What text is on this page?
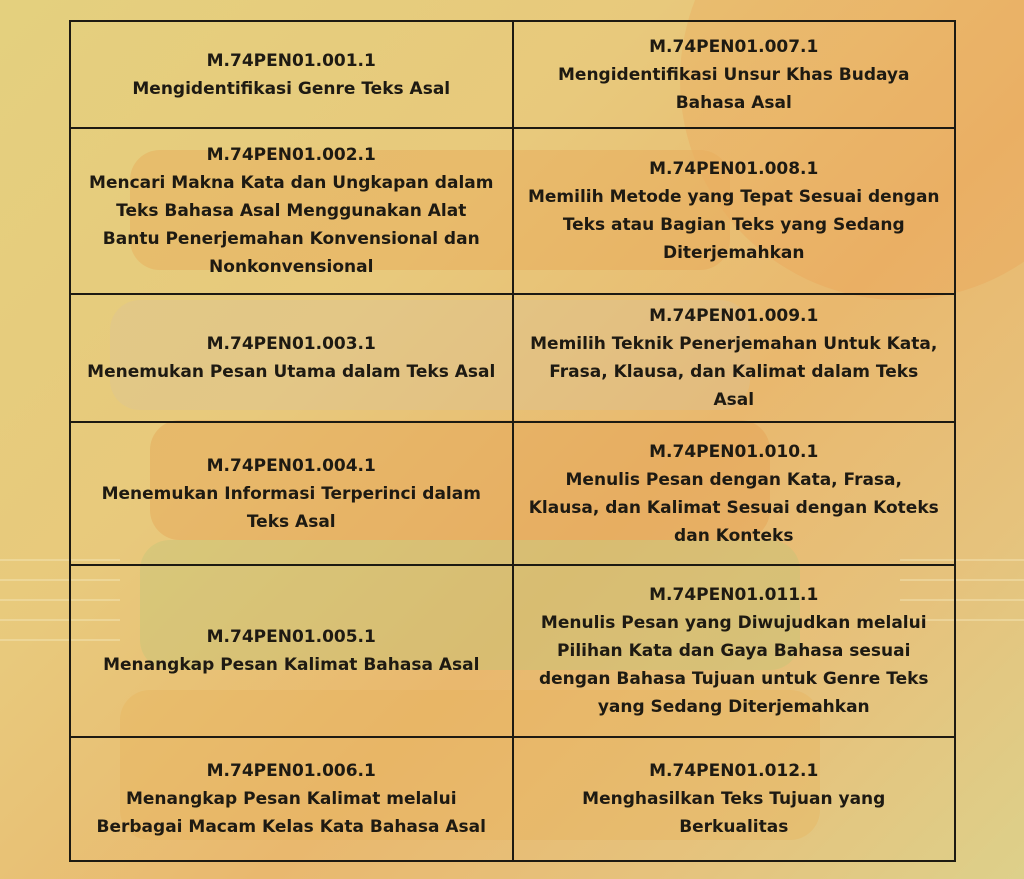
M.74PEN01.001.1
Mengidentifikasi Genre Teks Asal	M.74PEN01.007.1
Mengidentifikasi Unsur Khas Budaya Bahasa Asal

M.74PEN01.002.1
Mencari Makna Kata dan Ungkapan dalam Teks Bahasa Asal Menggunakan Alat Bantu Penerjemahan Konvensional dan Nonkonvensional	M.74PEN01.008.1
Memilih Metode yang Tepat Sesuai dengan Teks atau Bagian Teks yang Sedang Diterjemahkan

M.74PEN01.003.1
Menemukan Pesan Utama dalam Teks Asal	M.74PEN01.009.1
Memilih Teknik Penerjemahan Untuk Kata, Frasa, Klausa, dan Kalimat dalam Teks Asal

M.74PEN01.004.1
Menemukan Informasi Terperinci dalam Teks Asal	M.74PEN01.010.1
Menulis Pesan dengan Kata, Frasa, Klausa, dan Kalimat Sesuai dengan Koteks dan Konteks

M.74PEN01.005.1
Menangkap Pesan Kalimat Bahasa Asal	M.74PEN01.011.1
Menulis Pesan yang Diwujudkan melalui Pilihan Kata dan Gaya Bahasa sesuai dengan Bahasa Tujuan untuk Genre Teks yang Sedang Diterjemahkan

M.74PEN01.006.1
Menangkap Pesan Kalimat melalui Berbagai Macam Kelas Kata Bahasa Asal	M.74PEN01.012.1
Menghasilkan Teks Tujuan yang Berkualitas
